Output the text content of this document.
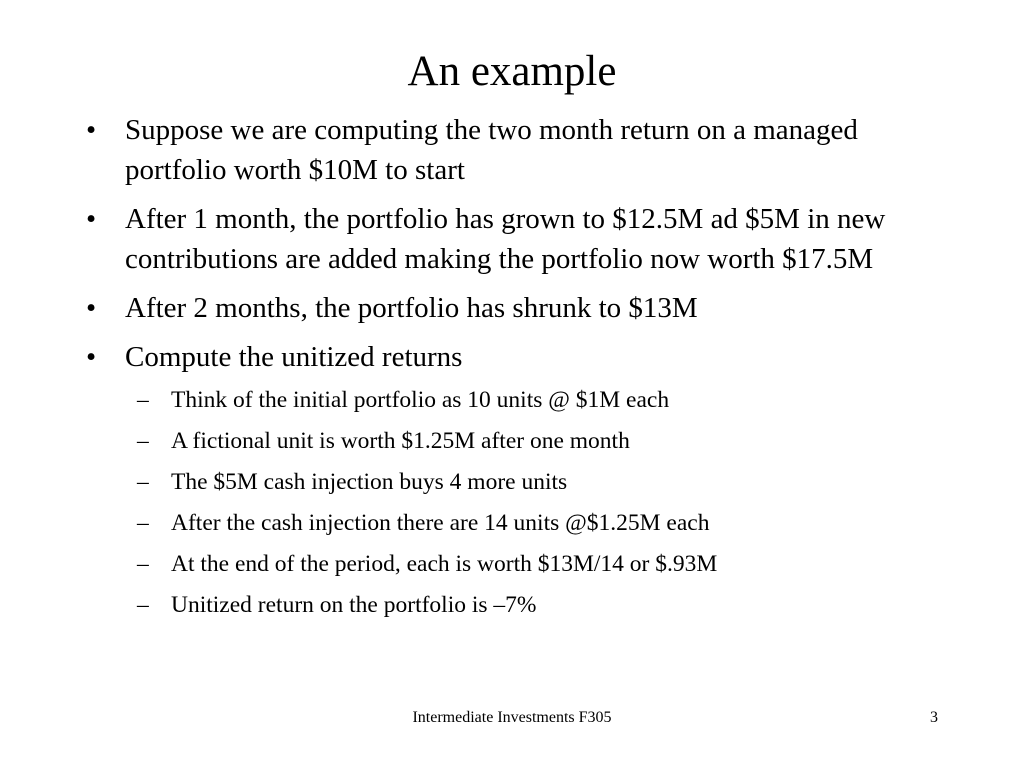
An example
• Suppose we are computing the two month return on a managed portfolio worth $10M to start
• After 1 month, the portfolio has grown to $12.5M ad $5M in new contributions are added making the portfolio now worth $17.5M
• After 2 months, the portfolio has shrunk to $13M
• Compute the unitized returns
– Think of the initial portfolio as 10 units @ $1M each
– A fictional unit is worth $1.25M after one month
– The $5M cash injection buys 4 more units
– After the cash injection there are 14 units @$1.25M each
– At the end of the period, each is worth $13M/14 or $.93M
– Unitized return on the portfolio is –7%
Intermediate Investments F305	3
